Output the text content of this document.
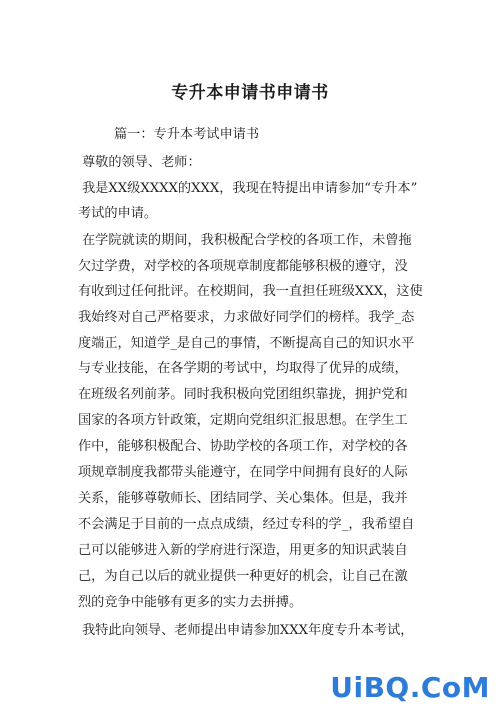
专升本申请书申请书
篇一：专升本考试申请书
尊敬的领导、老师：
我是XX级XXXX的XXX，我现在特提出申请参加“专升本”
考试的申请。
在学院就读的期间，我积极配合学校的各项工作，未曾拖
欠过学费，对学校的各项规章制度都能够积极的遵守，没
有收到过任何批评。在校期间，我一直担任班级XXX，这使
我始终对自己严格要求，力求做好同学们的榜样。我学_态
度端正，知道学_是自己的事情，不断提高自己的知识水平
与专业技能，在各学期的考试中，均取得了优异的成绩，
在班级名列前茅。同时我积极向党团组织靠拢，拥护党和
国家的各项方针政策，定期向党组织汇报思想。在学生工
作中，能够积极配合、协助学校的各项工作，对学校的各
项规章制度我都带头能遵守，在同学中间拥有良好的人际
关系，能够尊敬师长、团结同学、关心集体。但是，我并
不会满足于目前的一点点成绩，经过专科的学_，我希望自
己可以能够进入新的学府进行深造，用更多的知识武装自
己，为自己以后的就业提供一种更好的机会，让自己在激
烈的竞争中能够有更多的实力去拼搏。
我特此向领导、老师提出申请参加XXX年度专升本考试，
UiBQ.CoM
